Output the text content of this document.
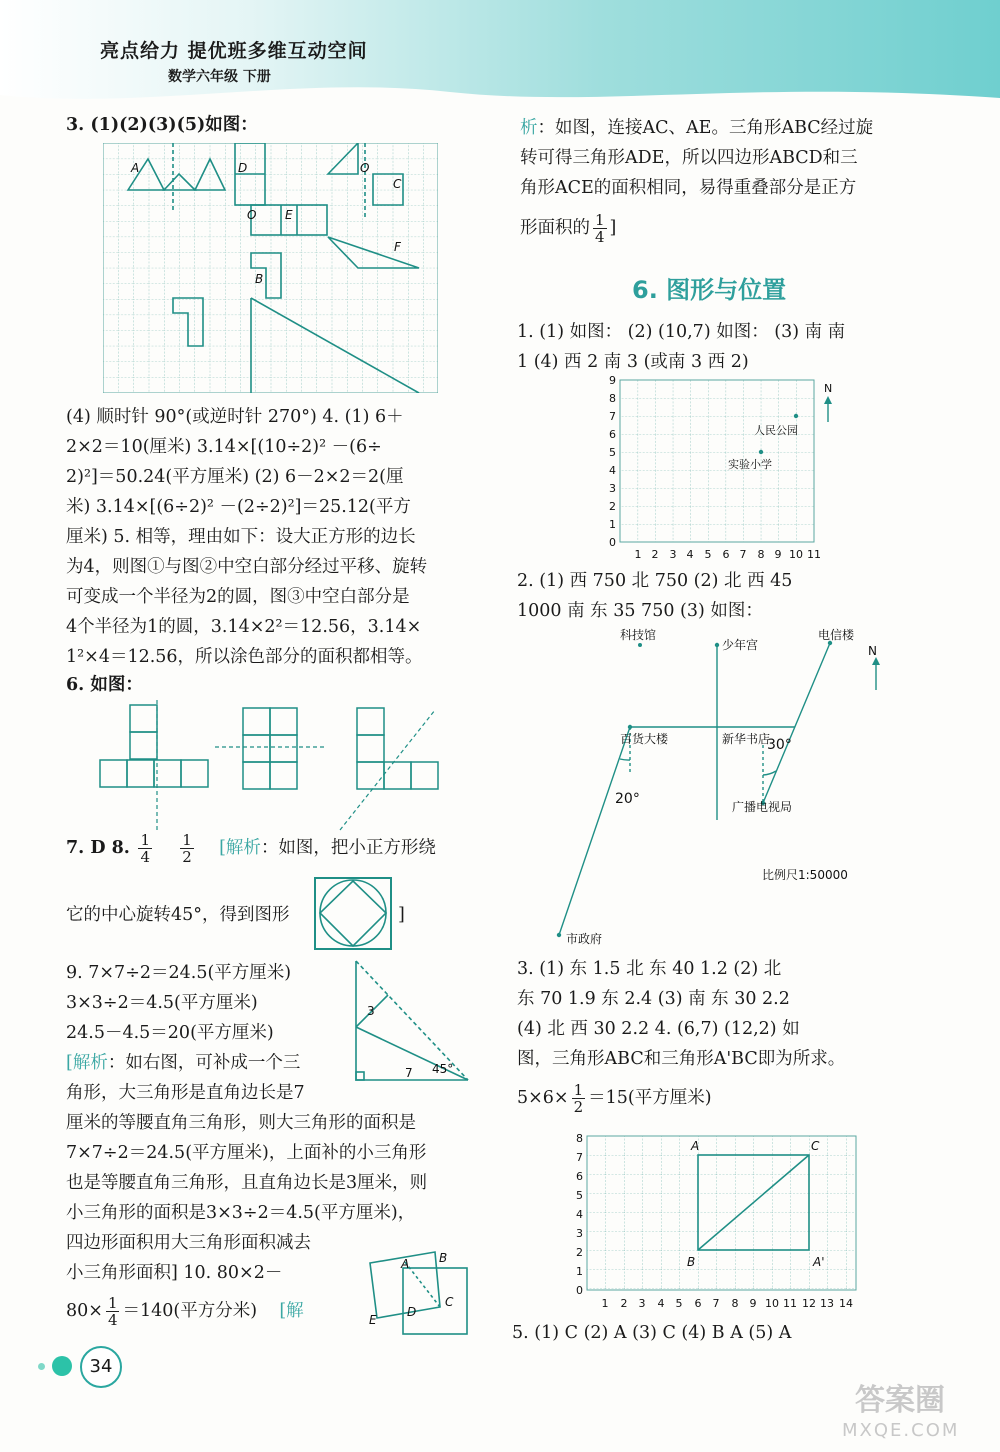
亮点给力 提优班多维互动空间
数学六年级 下册
3. (1)(2)(3)(5)如图：
A	D	O
C
O E
F
B
(4) 顺时针 90°(或逆时针 270°) 4. (1) 6＋
2×2＝10(厘米) 3.14×[(10÷2)² －(6÷
2)²]＝50.24(平方厘米) (2) 6－2×2＝2(厘
米) 3.14×[(6÷2)² －(2÷2)²]＝25.12(平方
厘米) 5. 相等，理由如下：设大正方形的边长
为4，则图①与图②中空白部分经过平移、旋转
可变成一个半径为2的圆，图③中空白部分是
4个半径为1的圆，3.14×2²＝12.56，3.14×
1²×4＝12.56，所以涂色部分的面积都相等。
6. 如图：
7. D 8. $\frac{1}{4}$
$\frac{1}{2}$ [解析：如图，把小正方形绕
它的中心旋转45°，得到图形	]
9. 7×7÷2＝24.5(平方厘米)
3×3÷2＝4.5(平方厘米)
24.5－4.5＝20(平方厘米)
[解析：如右图，可补成一个三
角形，大三角形是直角边长是7
厘米的等腰直角三角形，则大三角形的面积是
7×7÷2＝24.5(平方厘米)，上面补的小三角形
也是等腰直角三角形，且直角边长是3厘米，则
小三角形的面积是3×3÷2＝4.5(平方厘米)，
四边形面积用大三角形面积减去
小三角形面积] 10. 80×2－
3
7 45°
$80\times \frac{1}{4} =140$(平方分米) [解
A B
C
D
E
析：如图，连接AC、AE。三角形ABC经过旋
转可得三角形ADE，所以四边形ABCD和三
角形ACE的面积相同，易得重叠部分是正方
形面积的 $\frac{1}{4}$ ]
6. 图形与位置
1. (1) 如图： (2) (10,7) 如图： (3) 南 南
1 (4) 西 2 南 3 (或南 3 西 2)
0
1
2
3
4
5
6
7
8
9
1 2 3 4 5 6 7 8 9 10 11
人民公园
实验小学
N
2. (1) 西 750 北 750 (2) 北 西 45
1000 南 东 35 750 (3) 如图：
科技馆
少年宫
电信楼
N
百货大楼	新华书店
30°
20°	广播电视局
比例尺1:50000
市政府
3. (1) 东 1.5 北 东 40 1.2 (2) 北
东 70 1.9 东 2.4 (3) 南 东 30 2.2
(4) 北 西 30 2.2 4. (6,7) (12,2) 如
图，三角形ABC和三角形A'BC即为所求。
$5\times 6\times \frac{1}{2} =15$(平方厘米)
0
1
2
3
4
5
6
7
8
1 2 3 4 5 6 7 8 9 10 11 12 13 14
A	C
B	A'
5. (1) C (2) A (3) C (4) B A (5) A
34
答案圈
MXQE.COM
